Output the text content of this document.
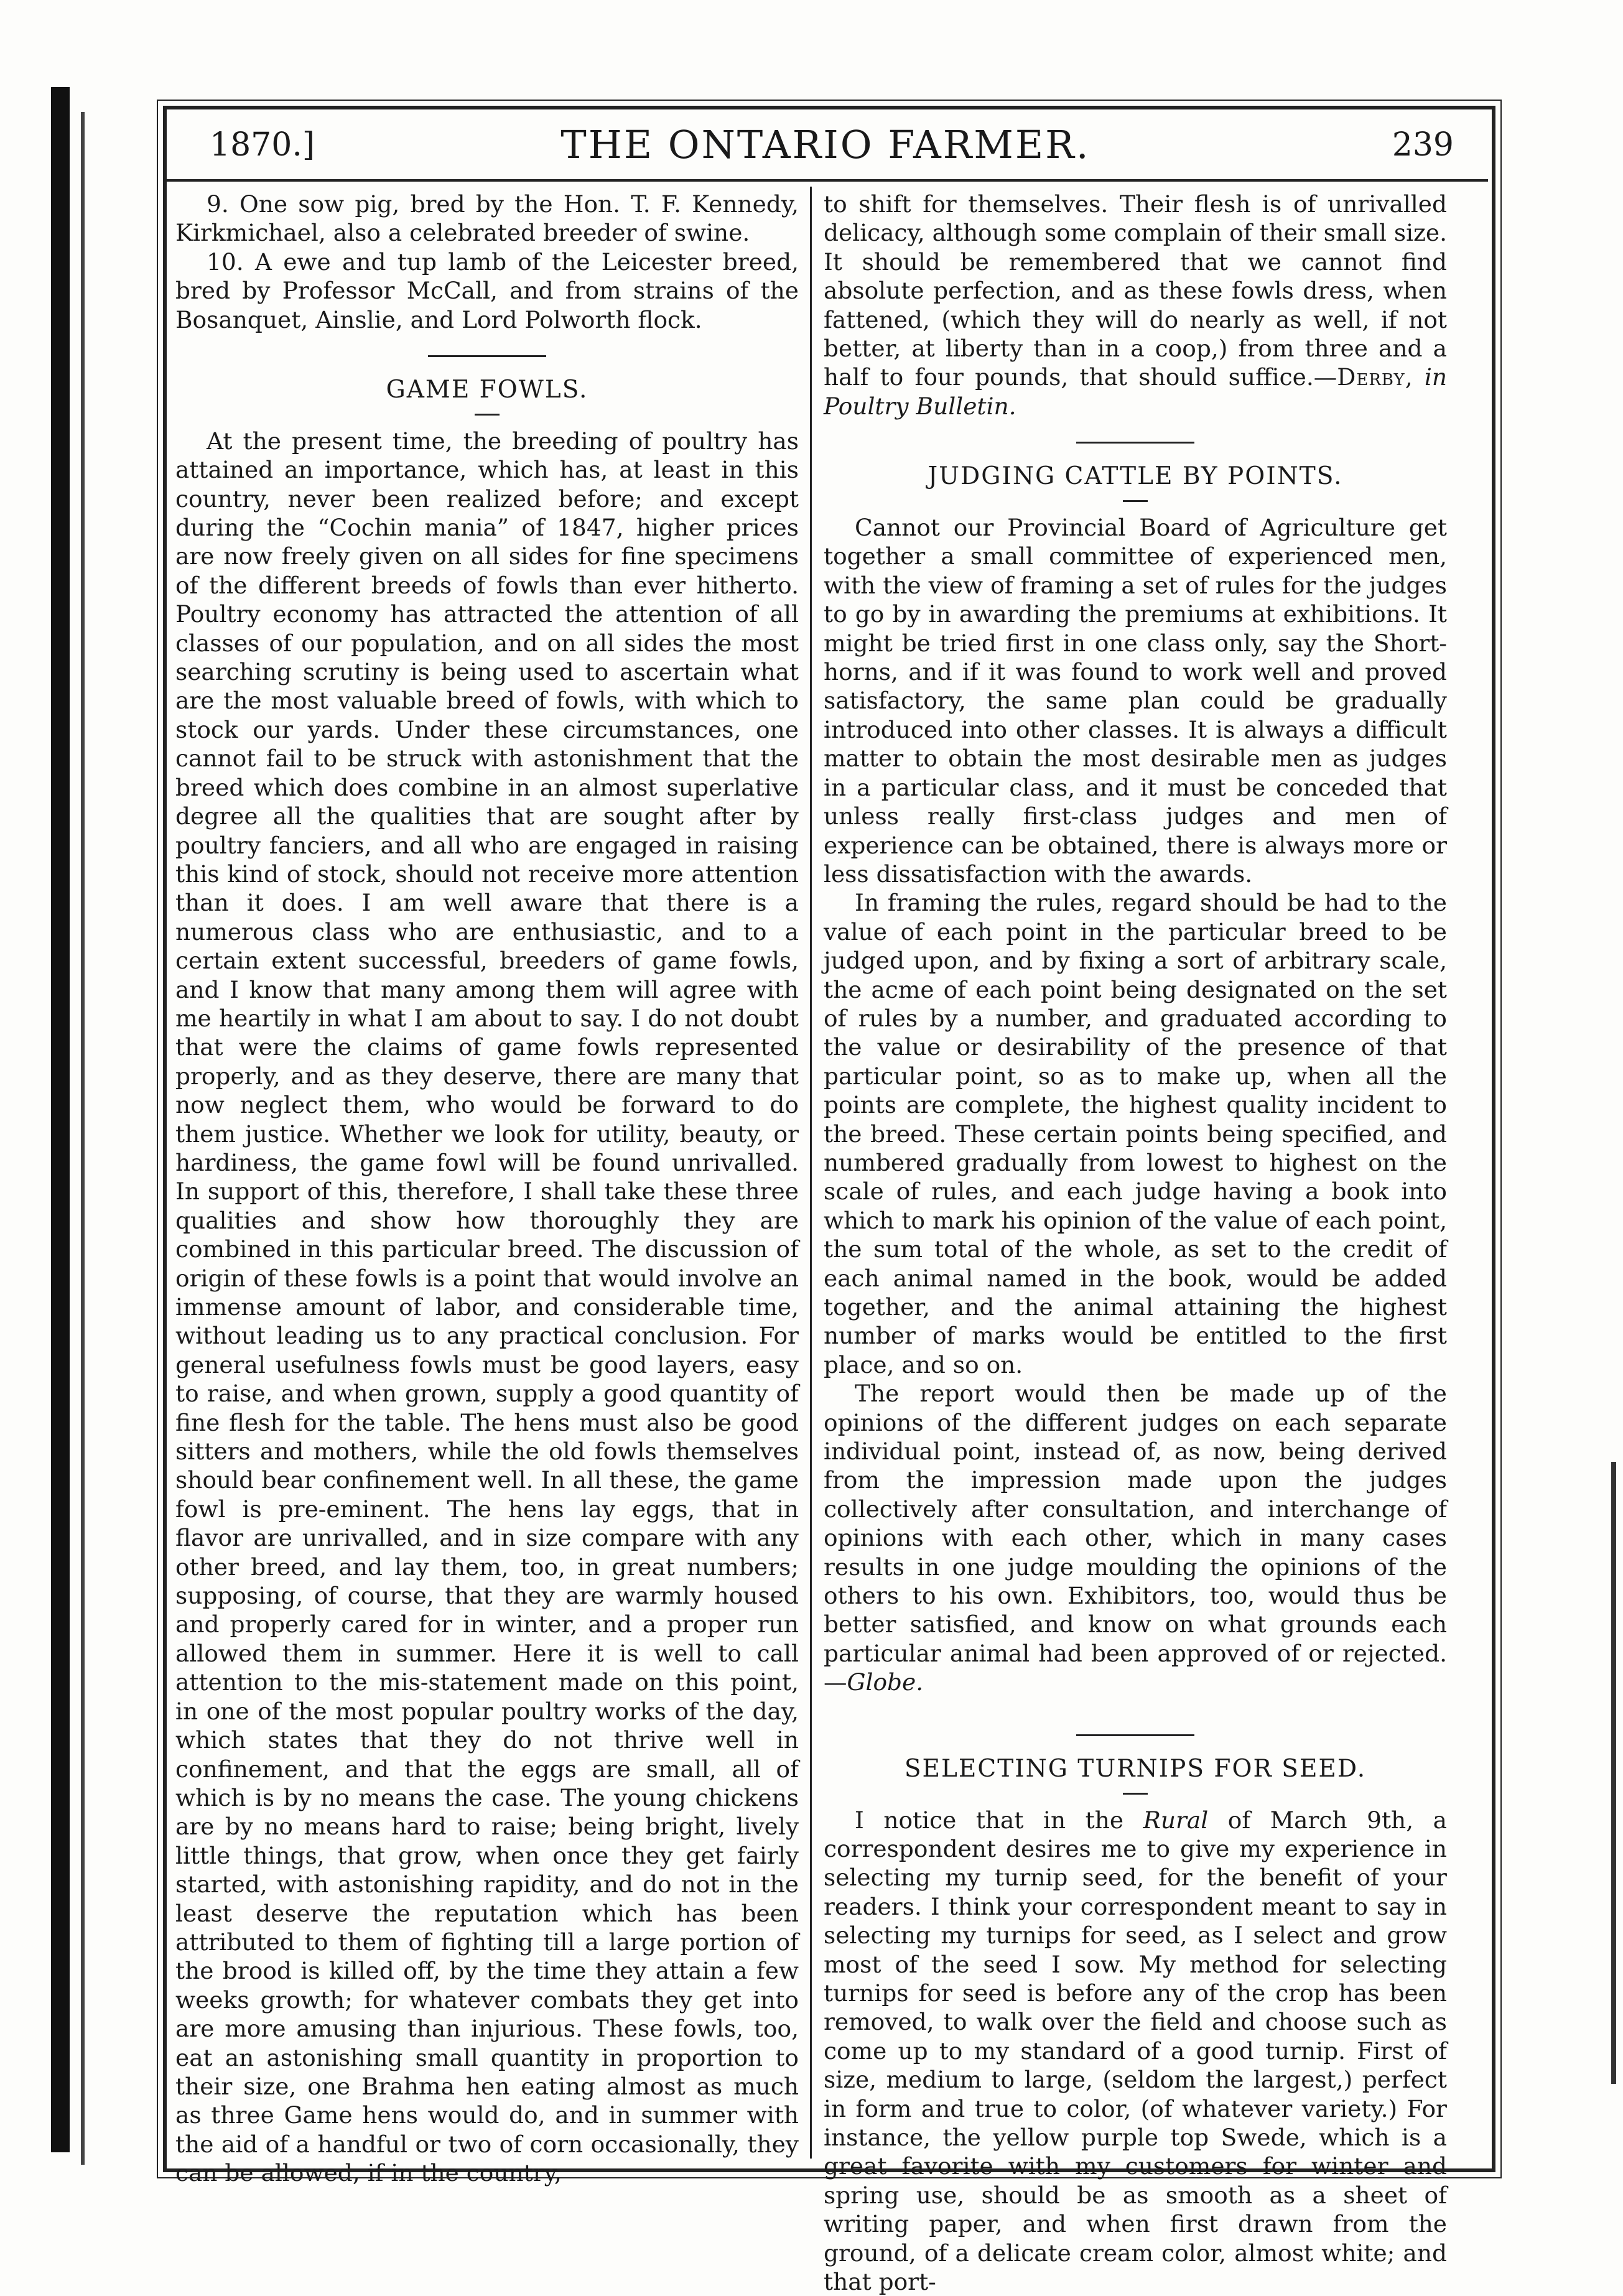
1870.]	THE ONTARIO FARMER.	239

9. One sow pig, bred by the Hon. T. F. Kennedy, Kirkmichael, also a celebrated breeder of swine.

10. A ewe and tup lamb of the Leicester breed, bred by Professor McCall, and from strains of the Bosanquet, Ainslie, and Lord Polworth flock.

GAME FOWLS.

At the present time, the breeding of poultry has attained an importance, which has, at least in this country, never been realized before; and except during the “Cochin mania” of 1847, higher prices are now freely given on all sides for fine specimens of the different breeds of fowls than ever hitherto. Poultry economy has attracted the attention of all classes of our population, and on all sides the most searching scrutiny is being used to ascertain what are the most valuable breed of fowls, with which to stock our yards. Under these circumstances, one cannot fail to be struck with astonishment that the breed which does combine in an almost superlative degree all the qualities that are sought after by poultry fanciers, and all who are engaged in raising this kind of stock, should not receive more attention than it does. I am well aware that there is a numerous class who are enthusiastic, and to a certain extent successful, breeders of game fowls, and I know that many among them will agree with me heartily in what I am about to say. I do not doubt that were the claims of game fowls represented properly, and as they deserve, there are many that now neglect them, who would be forward to do them justice. Whether we look for utility, beauty, or hardiness, the game fowl will be found unrivalled. In support of this, therefore, I shall take these three qualities and show how thoroughly they are combined in this particular breed. The discussion of origin of these fowls is a point that would involve an immense amount of labor, and considerable time, without leading us to any practical conclusion. For general usefulness fowls must be good layers, easy to raise, and when grown, supply a good quantity of fine flesh for the table. The hens must also be good sitters and mothers, while the old fowls themselves should bear confinement well. In all these, the game fowl is pre-eminent. The hens lay eggs, that in flavor are unrivalled, and in size compare with any other breed, and lay them, too, in great numbers; supposing, of course, that they are warmly housed and properly cared for in winter, and a proper run allowed them in summer. Here it is well to call attention to the mis-statement made on this point, in one of the most popular poultry works of the day, which states that they do not thrive well in confinement, and that the eggs are small, all of which is by no means the case. The young chickens are by no means hard to raise; being bright, lively little things, that grow, when once they get fairly started, with astonishing rapidity, and do not in the least deserve the reputation which has been attributed to them of fighting till a large portion of the brood is killed off, by the time they attain a few weeks growth; for whatever combats they get into are more amusing than injurious. These fowls, too, eat an astonishing small quantity in proportion to their size, one Brahma hen eating almost as much as three Game hens would do, and in summer with the aid of a handful or two of corn occasionally, they can be allowed, if in the country,

to shift for themselves. Their flesh is of unrivalled delicacy, although some complain of their small size. It should be remembered that we cannot find absolute perfection, and as these fowls dress, when fattened, (which they will do nearly as well, if not better, at liberty than in a coop,) from three and a half to four pounds, that should suffice.—Derby, in Poultry Bulletin.

JUDGING CATTLE BY POINTS.

Cannot our Provincial Board of Agriculture get together a small committee of experienced men, with the view of framing a set of rules for the judges to go by in awarding the premiums at exhibitions. It might be tried first in one class only, say the Short-horns, and if it was found to work well and proved satisfactory, the same plan could be gradually introduced into other classes. It is always a difficult matter to obtain the most desirable men as judges in a particular class, and it must be conceded that unless really first-class judges and men of experience can be obtained, there is always more or less dissatisfaction with the awards.

In framing the rules, regard should be had to the value of each point in the particular breed to be judged upon, and by fixing a sort of arbitrary scale, the acme of each point being designated on the set of rules by a number, and graduated according to the value or desirability of the presence of that particular point, so as to make up, when all the points are complete, the highest quality incident to the breed. These certain points being specified, and numbered gradually from lowest to highest on the scale of rules, and each judge having a book into which to mark his opinion of the value of each point, the sum total of the whole, as set to the credit of each animal named in the book, would be added together, and the animal attaining the highest number of marks would be entitled to the first place, and so on.

The report would then be made up of the opinions of the different judges on each separate individual point, instead of, as now, being derived from the impression made upon the judges collectively after consultation, and interchange of opinions with each other, which in many cases results in one judge moulding the opinions of the others to his own. Exhibitors, too, would thus be better satisfied, and know on what grounds each particular animal had been approved of or rejected.—Globe.

SELECTING TURNIPS FOR SEED.

I notice that in the Rural of March 9th, a correspondent desires me to give my experience in selecting my turnip seed, for the benefit of your readers. I think your correspondent meant to say in selecting my turnips for seed, as I select and grow most of the seed I sow. My method for selecting turnips for seed is before any of the crop has been removed, to walk over the field and choose such as come up to my standard of a good turnip. First of size, medium to large, (seldom the largest,) perfect in form and true to color, (of whatever variety.) For instance, the yellow purple top Swede, which is a great favorite with my customers for winter and spring use, should be as smooth as a sheet of writing paper, and when first drawn from the ground, of a delicate cream color, almost white; and that port-
